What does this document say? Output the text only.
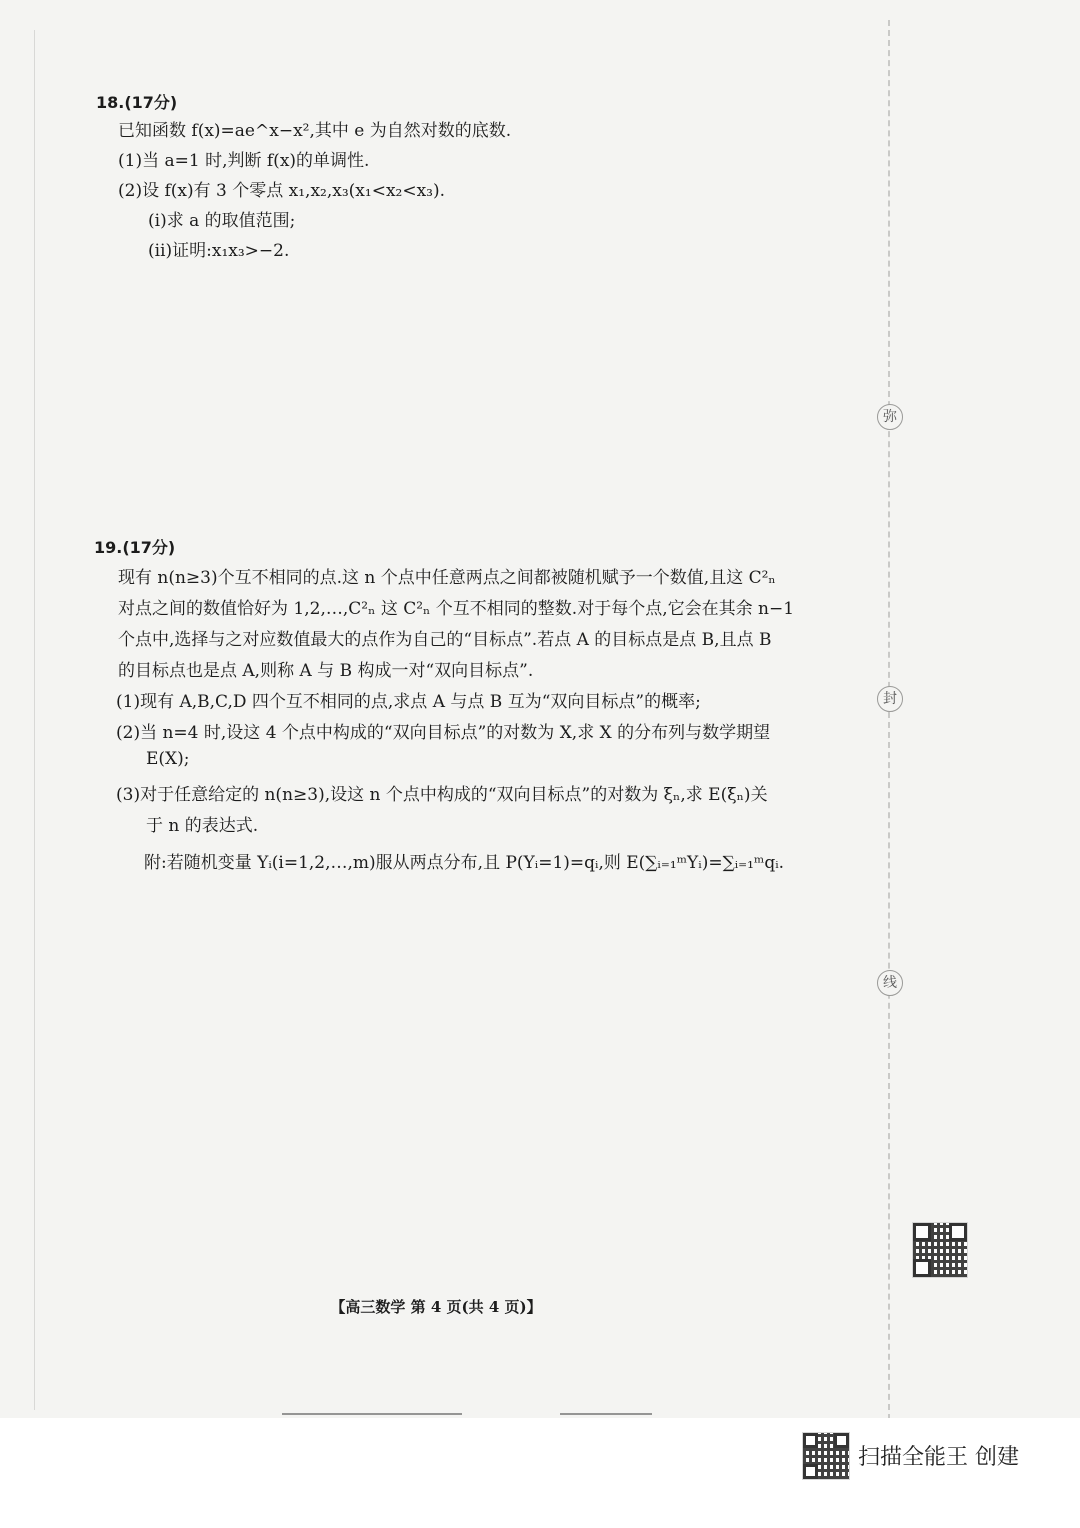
弥
封
线
18.(17分)
已知函数 f(x)=ae^x−x²,其中 e 为自然对数的底数.
(1)当 a=1 时,判断 f(x)的单调性.
(2)设 f(x)有 3 个零点 x₁,x₂,x₃(x₁<x₂<x₃).
(ⅰ)求 a 的取值范围;
(ⅱ)证明:x₁x₃>−2.
19.(17分)
现有 n(n≥3)个互不相同的点.这 n 个点中任意两点之间都被随机赋予一个数值,且这 C²ₙ
对点之间的数值恰好为 1,2,…,C²ₙ 这 C²ₙ 个互不相同的整数.对于每个点,它会在其余 n−1
个点中,选择与之对应数值最大的点作为自己的“目标点”.若点 A 的目标点是点 B,且点 B
的目标点也是点 A,则称 A 与 B 构成一对“双向目标点”.
(1)现有 A,B,C,D 四个互不相同的点,求点 A 与点 B 互为“双向目标点”的概率;
(2)当 n=4 时,设这 4 个点中构成的“双向目标点”的对数为 X,求 X 的分布列与数学期望
E(X);
(3)对于任意给定的 n(n≥3),设这 n 个点中构成的“双向目标点”的对数为 ξₙ,求 E(ξₙ)关
于 n 的表达式.
附:若随机变量 Yᵢ(i=1,2,…,m)服从两点分布,且 P(Yᵢ=1)=qᵢ,则 E(∑ᵢ₌₁ᵐYᵢ)=∑ᵢ₌₁ᵐqᵢ.
【高三数学 第 4 页(共 4 页)】
扫描全能王 创建
